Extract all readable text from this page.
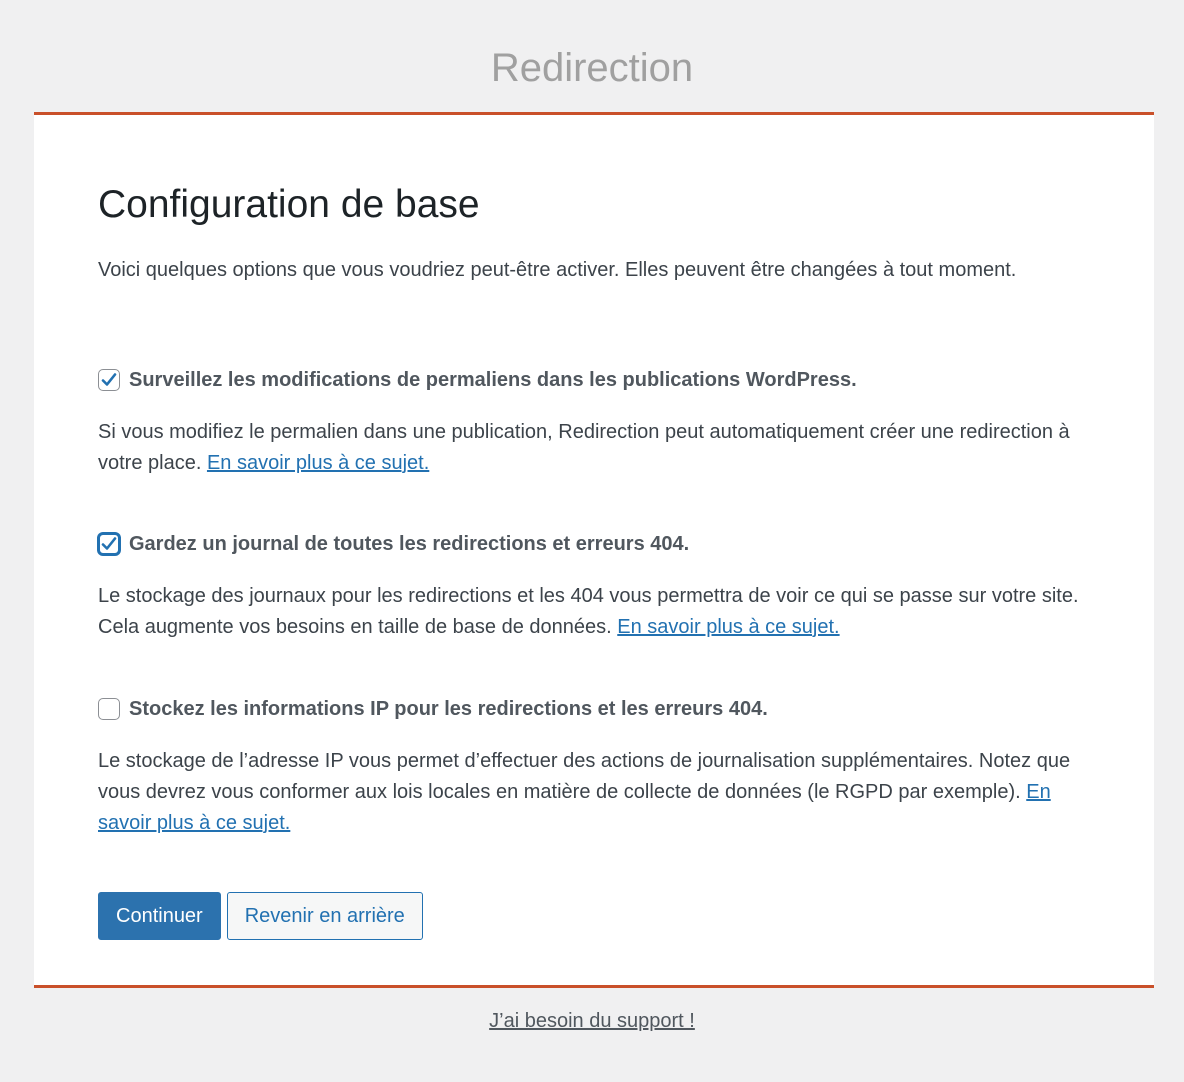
Redirection
Configuration de base

Voici quelques options que vous voudriez peut-être activer. Elles peuvent être changées à tout moment.

Surveillez les modifications de permaliens dans les publications WordPress.

Si vous modifiez le permalien dans une publication, Redirection peut automatiquement créer une redirection à votre place. En savoir plus à ce sujet.

Gardez un journal de toutes les redirections et erreurs 404.

Le stockage des journaux pour les redirections et les 404 vous permettra de voir ce qui se passe sur votre site. Cela augmente vos besoins en taille de base de données. En savoir plus à ce sujet.

Stockez les informations IP pour les redirections et les erreurs 404.

Le stockage de l’adresse IP vous permet d’effectuer des actions de journalisation supplémentaires. Notez que vous devrez vous conformer aux lois locales en matière de collecte de données (le RGPD par exemple). En savoir plus à ce sujet.

Continuer	Revenir en arrière
J’ai besoin du support !
